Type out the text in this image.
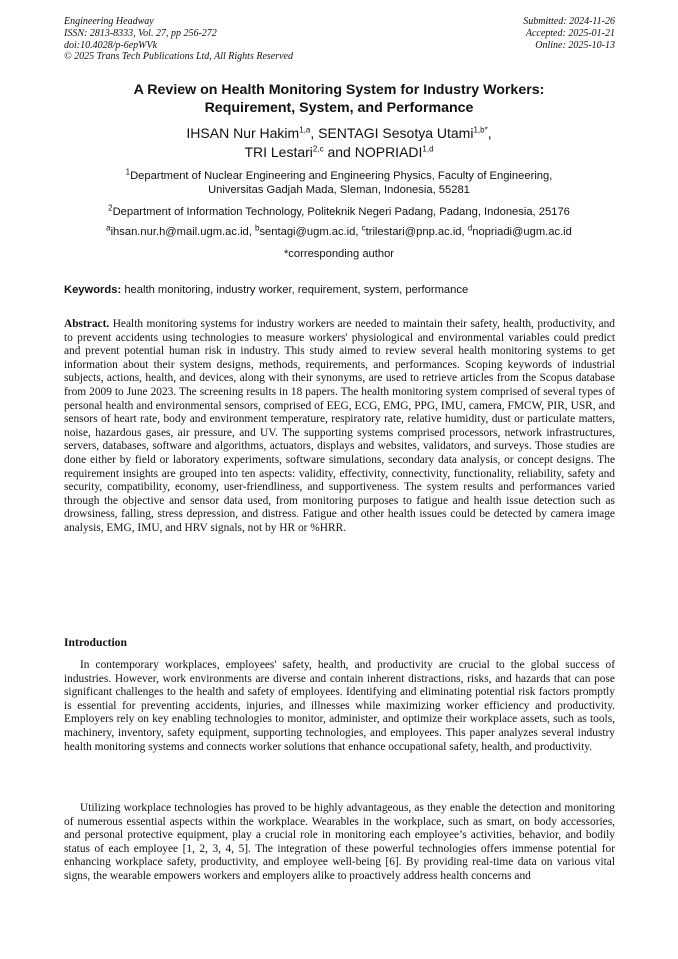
Engineering Headway
ISSN: 2813-8333, Vol. 27, pp 256-272
doi:10.4028/p-6epWVk
© 2025 Trans Tech Publications Ltd, All Rights Reserved
Submitted: 2024-11-26
Accepted: 2025-01-21
Online: 2025-10-13
A Review on Health Monitoring System for Industry Workers:
Requirement, System, and Performance
IHSAN Nur Hakim$^{1,a}$, SENTAGI Sesotya Utami$^{1,b*}$,
TRI Lestari$^{2,c}$ and NOPRIADI$^{1,d}$
$^1$Department of Nuclear Engineering and Engineering Physics, Faculty of Engineering,
Universitas Gadjah Mada, Sleman, Indonesia, 55281
$^2$Department of Information Technology, Politeknik Negeri Padang, Padang, Indonesia, 25176
$^a$ihsan.nur.h@mail.ugm.ac.id, $^b$sentagi@ugm.ac.id, $^c$trilestari@pnp.ac.id, $^d$nopriadi@ugm.ac.id
*corresponding author
Keywords: health monitoring, industry worker, requirement, system, performance
Abstract. Health monitoring systems for industry workers are needed to maintain their safety, health, productivity, and to prevent accidents using technologies to measure workers' physiological and environmental variables could predict and prevent potential human risk in industry. This study aimed to review several health monitoring systems to get information about their system designs, methods, requirements, and performances. Scoping keywords of industrial subjects, actions, health, and devices, along with their synonyms, are used to retrieve articles from the Scopus database from 2009 to June 2023. The screening results in 18 papers. The health monitoring system comprised of several types of personal health and environmental sensors, comprised of EEG, ECG, EMG, PPG, IMU, camera, FMCW, PIR, USR, and sensors of heart rate, body and environment temperature, respiratory rate, relative humidity, dust or particulate matters, noise, hazardous gases, air pressure, and UV. The supporting systems comprised processors, network infrastructures, servers, databases, software and algorithms, actuators, displays and websites, validators, and surveys. Those studies are done either by field or laboratory experiments, software simulations, secondary data analysis, or concept designs. The requirement insights are grouped into ten aspects: validity, effectivity, connectivity, functionality, reliability, safety and security, compatibility, economy, user-friendliness, and supportiveness. The system results and performances varied through the objective and sensor data used, from monitoring purposes to fatigue and health issue detection such as drowsiness, falling, stress depression, and distress. Fatigue and other health issues could be detected by camera image analysis, EMG, IMU, and HRV signals, not by HR or %HRR.
Introduction

In contemporary workplaces, employees' safety, health, and productivity are crucial to the global success of industries. However, work environments are diverse and contain inherent distractions, risks, and hazards that can pose significant challenges to the health and safety of employees. Identifying and eliminating potential risk factors promptly is essential for preventing accidents, injuries, and illnesses while maximizing worker efficiency and productivity. Employers rely on key enabling technologies to monitor, administer, and optimize their workplace assets, such as tools, machinery, inventory, safety equipment, supporting technologies, and employees. This paper analyzes several industry health monitoring systems and connects worker solutions that enhance occupational safety, health, and productivity.

Utilizing workplace technologies has proved to be highly advantageous, as they enable the detection and monitoring of numerous essential aspects within the workplace. Wearables in the workplace, such as smart, on body accessories, and personal protective equipment, play a crucial role in monitoring each employee’s activities, behavior, and bodily status of each employee [1, 2, 3, 4, 5]. The integration of these powerful technologies offers immense potential for enhancing workplace safety, productivity, and employee well-being [6]. By providing real-time data on various vital signs, the wearable empowers workers and employers alike to proactively address health concerns and
